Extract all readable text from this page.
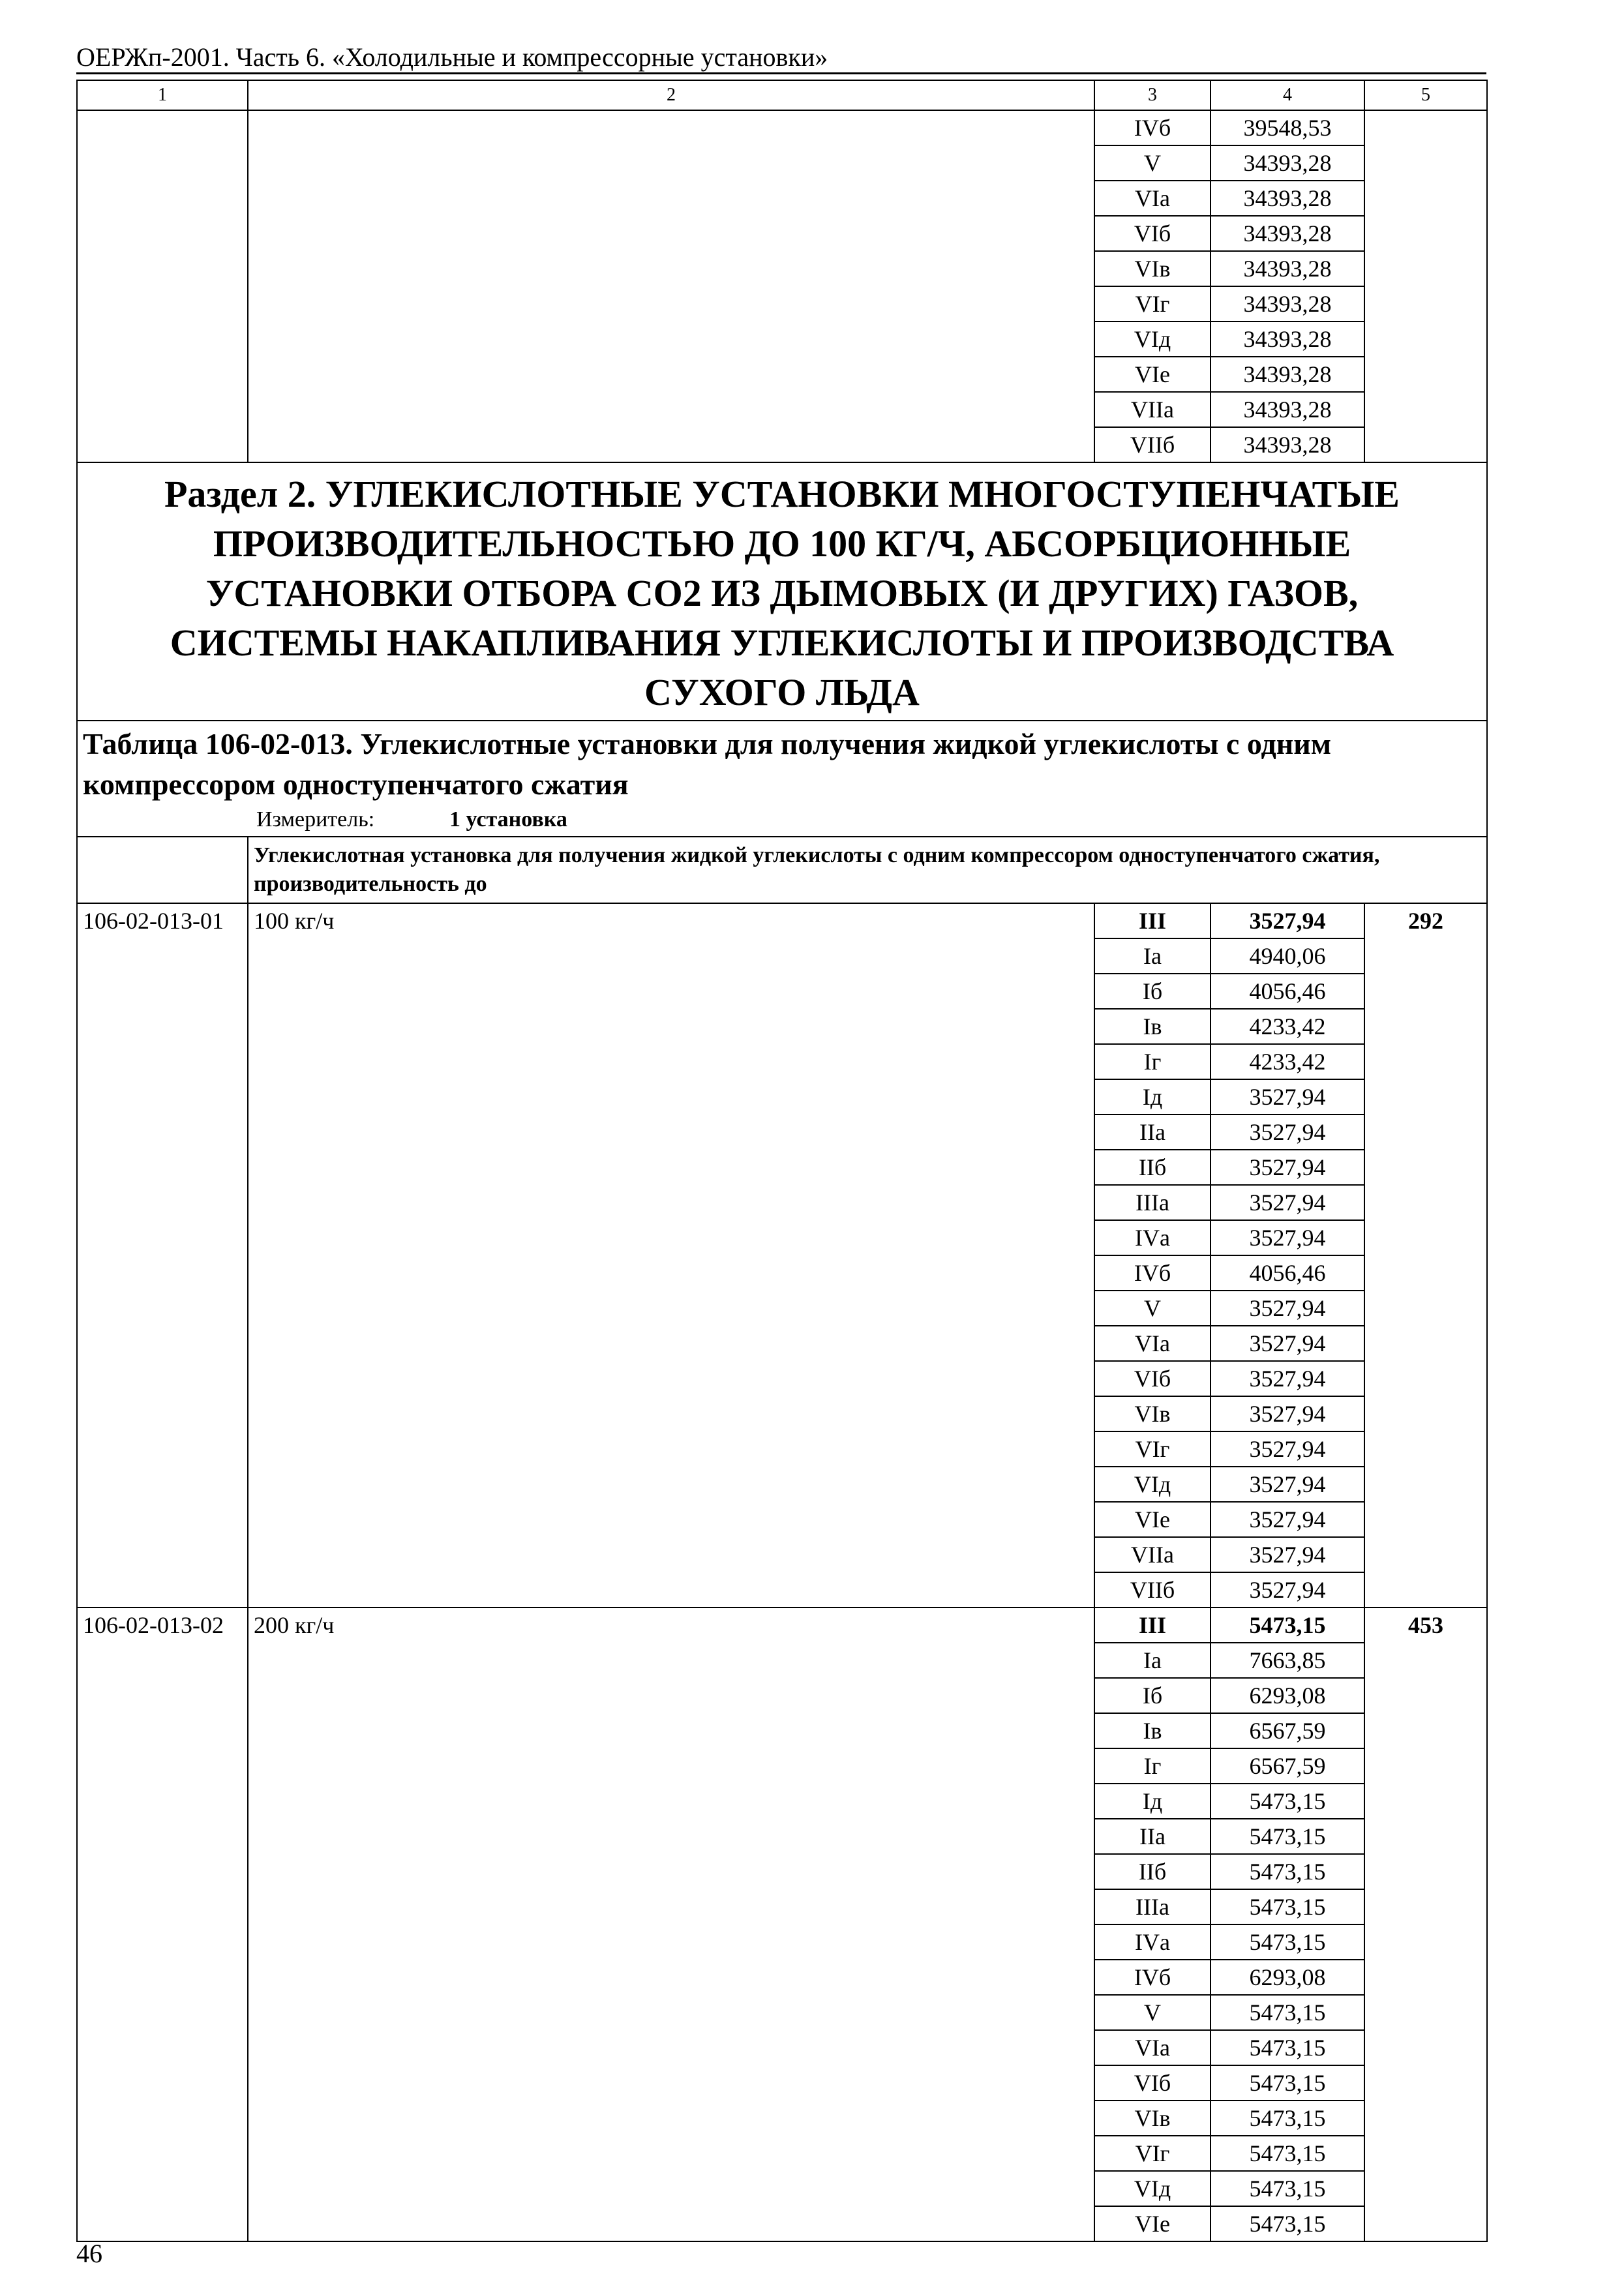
ОЕРЖп-2001. Часть 6. «Холодильные и компрессорные установки»
1	2	3	4	5
		IVб	39548,53	
		V	34393,28	
		VIа	34393,28	
		VIб	34393,28	
		VIв	34393,28	
		VIг	34393,28	
		VIд	34393,28	
		VIе	34393,28	
		VIIа	34393,28	
		VIIб	34393,28	
Раздел 2. УГЛЕКИСЛОТНЫЕ УСТАНОВКИ МНОГОСТУПЕНЧАТЫЕ ПРОИЗВОДИТЕЛЬНОСТЬЮ ДО 100 КГ/Ч, АБСОРБЦИОННЫЕ УСТАНОВКИ ОТБОРА СО2 ИЗ ДЫМОВЫХ (И ДРУГИХ) ГАЗОВ, СИСТЕМЫ НАКАПЛИВАНИЯ УГЛЕКИСЛОТЫ И ПРОИЗВОДСТВА СУХОГО ЛЬДА				

Таблица 106-02-013. Углекислотные установки для получения жидкой углекислоты с одним компрессором одноступенчатого сжатия
Измеритель: 1 установка				

	Углекислотная установка для получения жидкой углекислоты с одним компрессором одноступенчатого сжатия, производительность до			
106-02-013-01	100 кг/ч	III	3527,94	292
		Iа	4940,06	
		Iб	4056,46	
		Iв	4233,42	
		Iг	4233,42	
		Iд	3527,94	
		IIа	3527,94	
		IIб	3527,94	
		IIIа	3527,94	
		IVа	3527,94	
		IVб	4056,46	
		V	3527,94	
		VIа	3527,94	
		VIб	3527,94	
		VIв	3527,94	
		VIг	3527,94	
		VIд	3527,94	
		VIе	3527,94	
		VIIа	3527,94	
		VIIб	3527,94	
106-02-013-02	200 кг/ч	III	5473,15	453
		Iа	7663,85	
		Iб	6293,08	
		Iв	6567,59	
		Iг	6567,59	
		Iд	5473,15	
		IIа	5473,15	
		IIб	5473,15	
		IIIа	5473,15	
		IVа	5473,15	
		IVб	6293,08	
		V	5473,15	
		VIа	5473,15	
		VIб	5473,15	
		VIв	5473,15	
		VIг	5473,15	
		VIд	5473,15	
		VIе	5473,15	
46
